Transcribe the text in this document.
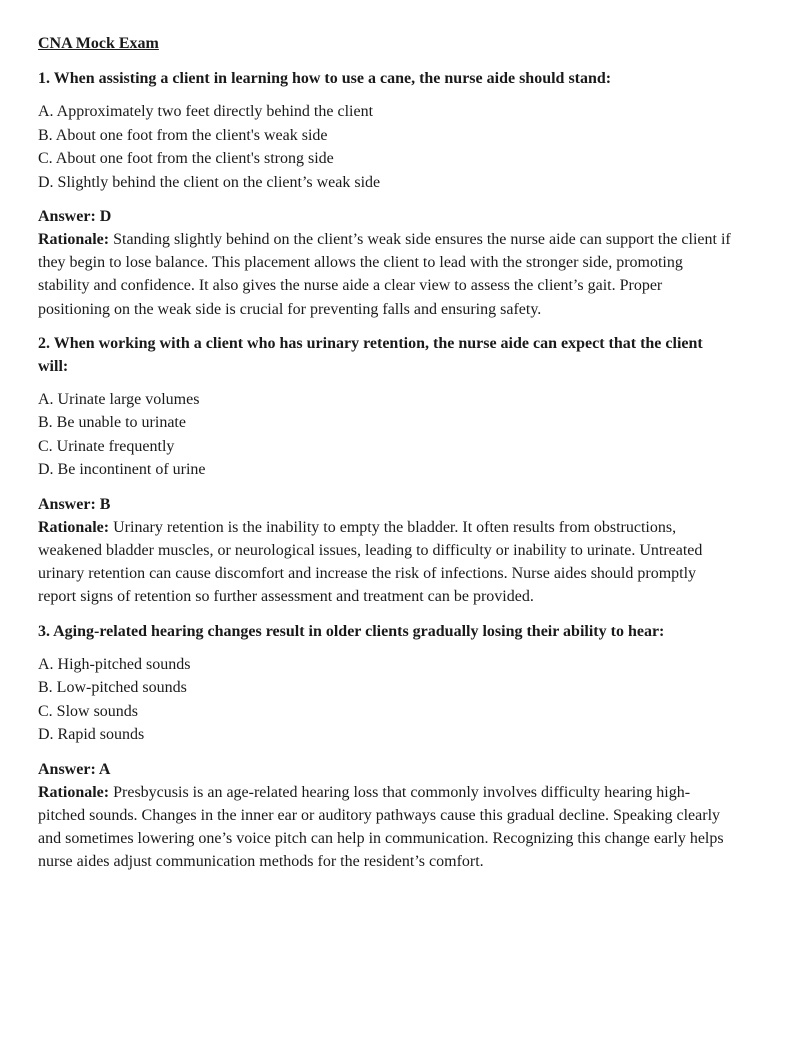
CNA Mock Exam
1. When assisting a client in learning how to use a cane, the nurse aide should stand:
A. Approximately two feet directly behind the client
B. About one foot from the client's weak side
C. About one foot from the client's strong side
D. Slightly behind the client on the client’s weak side
Answer: D

Rationale: Standing slightly behind on the client’s weak side ensures the nurse aide can support the client if they begin to lose balance. This placement allows the client to lead with the stronger side, promoting stability and confidence. It also gives the nurse aide a clear view to assess the client’s gait. Proper positioning on the weak side is crucial for preventing falls and ensuring safety.

2. When working with a client who has urinary retention, the nurse aide can expect that the client will:
A. Urinate large volumes
B. Be unable to urinate
C. Urinate frequently
D. Be incontinent of urine
Answer: B

Rationale: Urinary retention is the inability to empty the bladder. It often results from obstructions, weakened bladder muscles, or neurological issues, leading to difficulty or inability to urinate. Untreated urinary retention can cause discomfort and increase the risk of infections. Nurse aides should promptly report signs of retention so further assessment and treatment can be provided.

3. Aging-related hearing changes result in older clients gradually losing their ability to hear:
A. High-pitched sounds
B. Low-pitched sounds
C. Slow sounds
D. Rapid sounds
Answer: A

Rationale: Presbycusis is an age-related hearing loss that commonly involves difficulty hearing high-pitched sounds. Changes in the inner ear or auditory pathways cause this gradual decline. Speaking clearly and sometimes lowering one’s voice pitch can help in communication. Recognizing this change early helps nurse aides adjust communication methods for the resident’s comfort.
